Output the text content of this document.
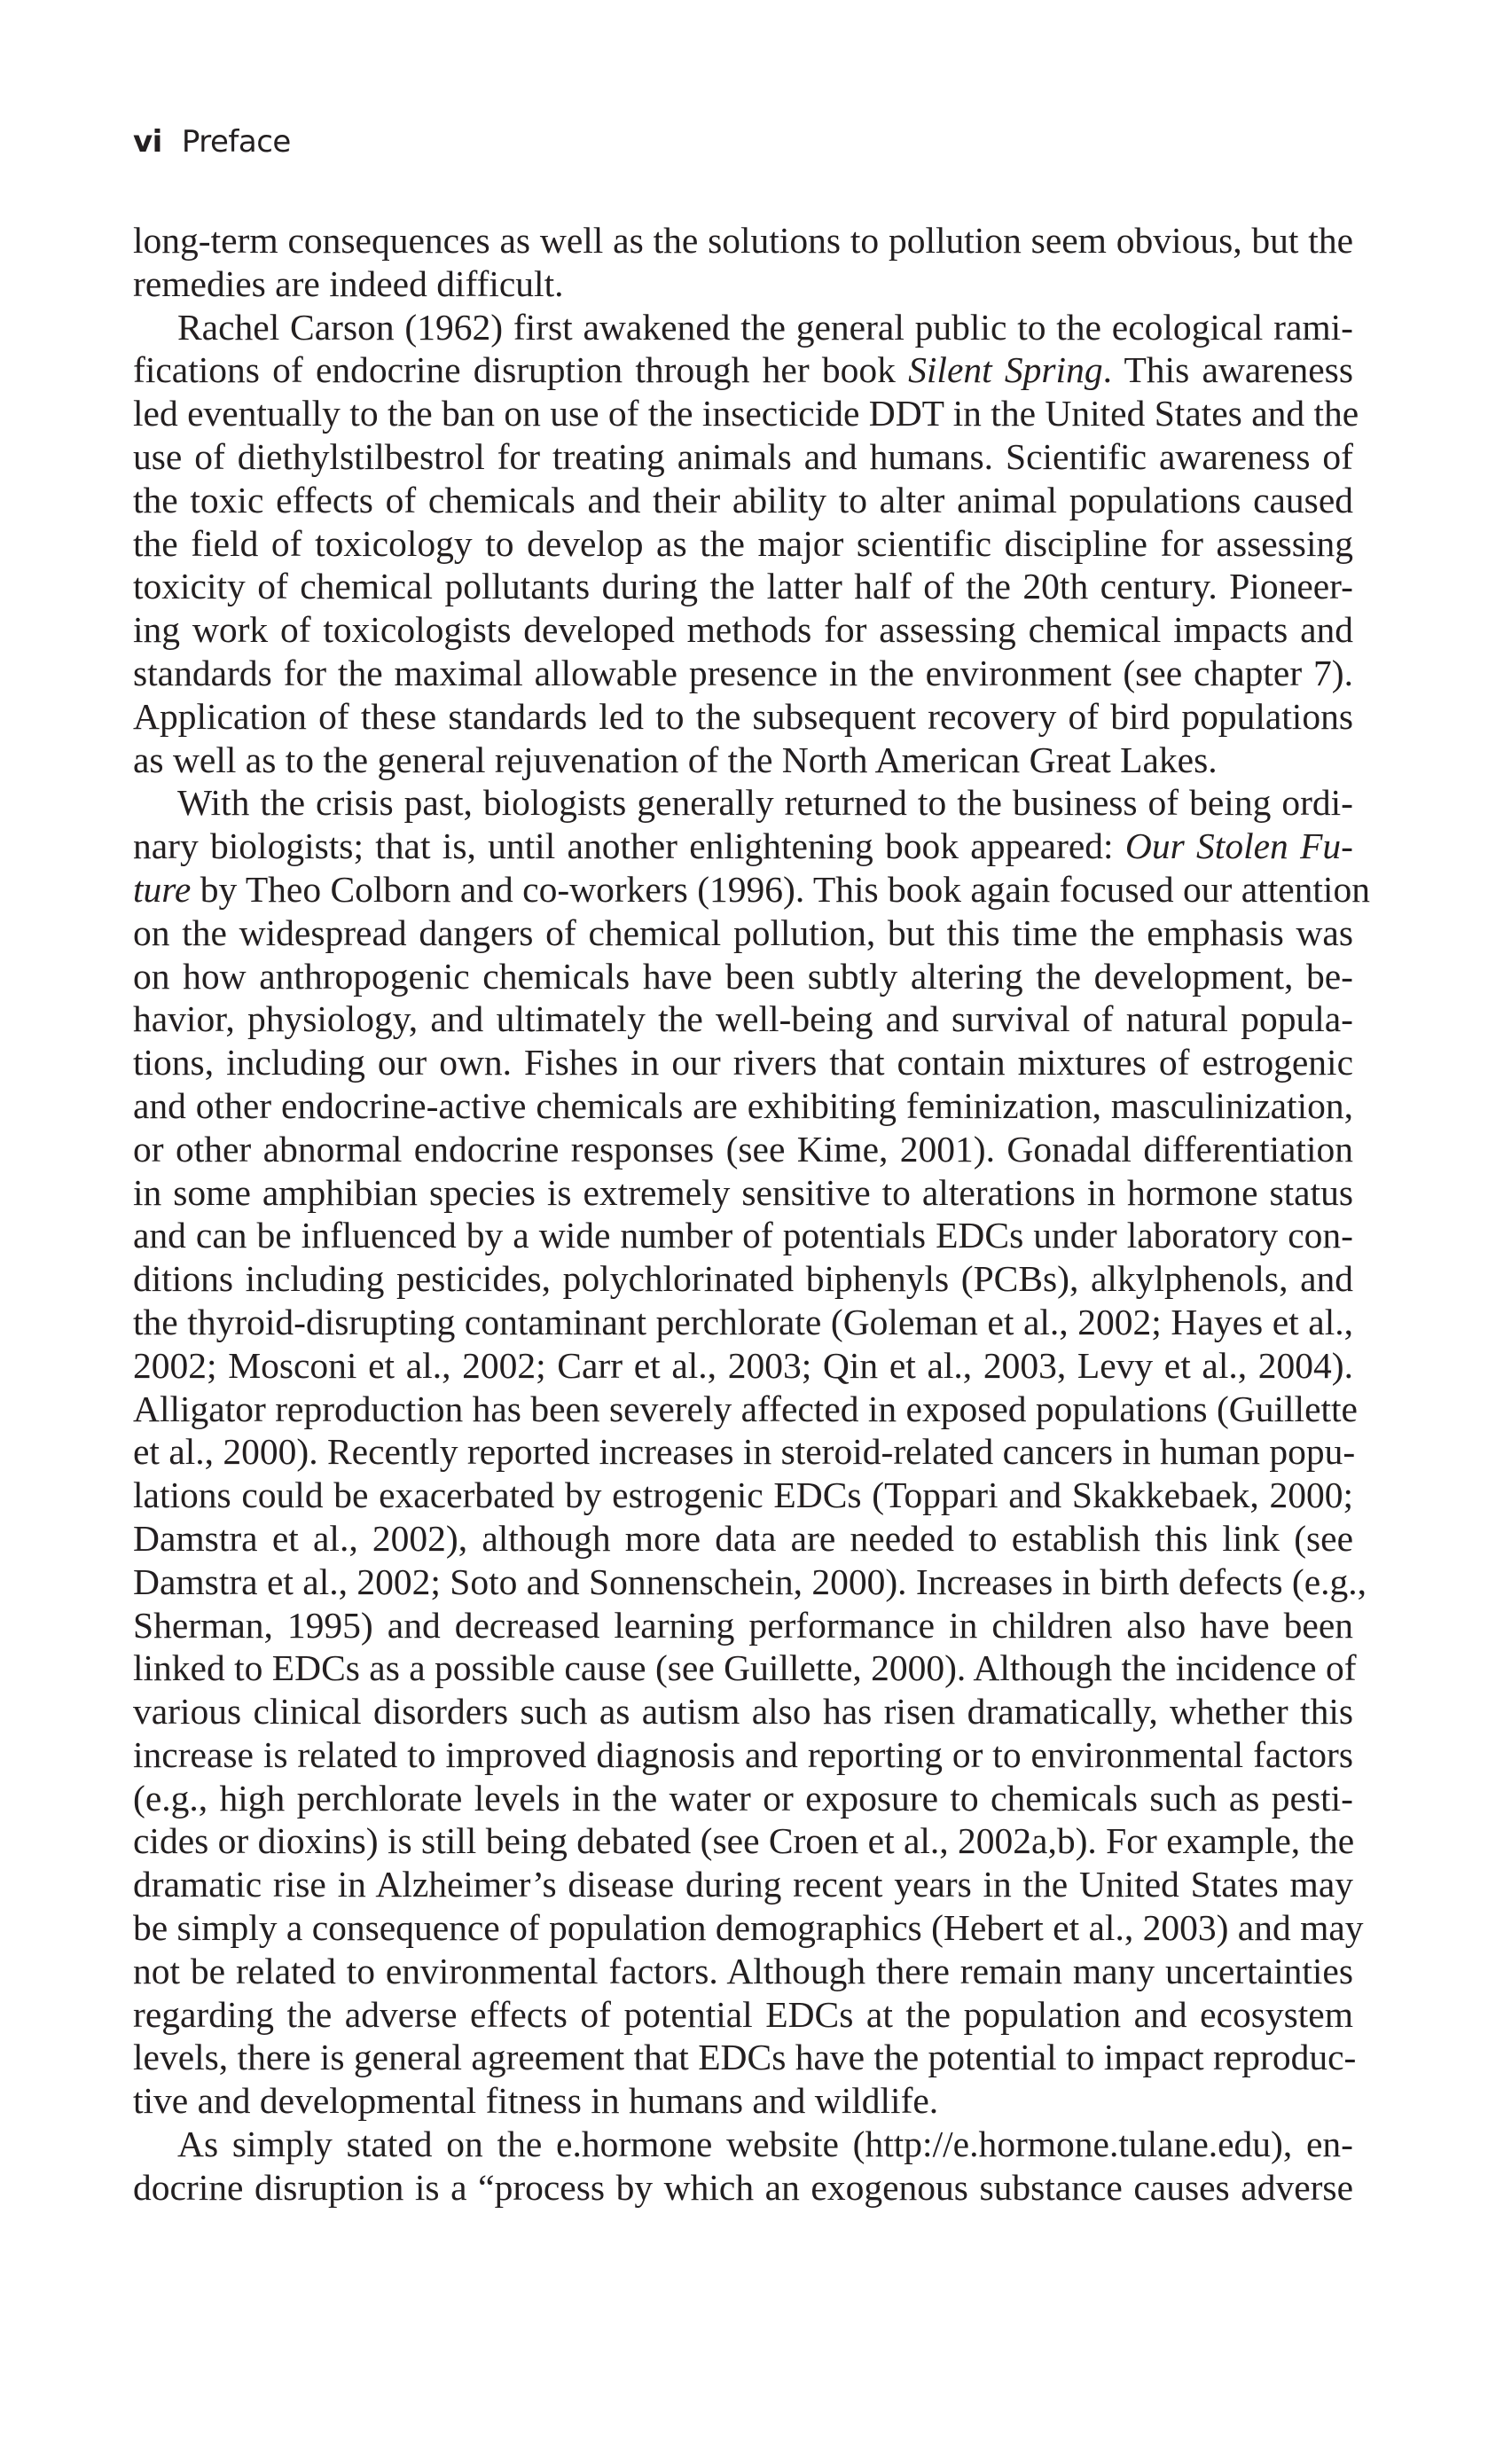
vi Preface
long-term consequences as well as the solutions to pollution seem obvious, but the
remedies are indeed difficult.
Rachel Carson (1962) first awakened the general public to the ecological rami-
fications of endocrine disruption through her book Silent Spring. This awareness
led eventually to the ban on use of the insecticide DDT in the United States and the
use of diethylstilbestrol for treating animals and humans. Scientific awareness of
the toxic effects of chemicals and their ability to alter animal populations caused
the field of toxicology to develop as the major scientific discipline for assessing
toxicity of chemical pollutants during the latter half of the 20th century. Pioneer-
ing work of toxicologists developed methods for assessing chemical impacts and
standards for the maximal allowable presence in the environment (see chapter 7).
Application of these standards led to the subsequent recovery of bird populations
as well as to the general rejuvenation of the North American Great Lakes.
With the crisis past, biologists generally returned to the business of being ordi-
nary biologists; that is, until another enlightening book appeared: Our Stolen Fu-
ture by Theo Colborn and co-workers (1996). This book again focused our attention
on the widespread dangers of chemical pollution, but this time the emphasis was
on how anthropogenic chemicals have been subtly altering the development, be-
havior, physiology, and ultimately the well-being and survival of natural popula-
tions, including our own. Fishes in our rivers that contain mixtures of estrogenic
and other endocrine-active chemicals are exhibiting feminization, masculinization,
or other abnormal endocrine responses (see Kime, 2001). Gonadal differentiation
in some amphibian species is extremely sensitive to alterations in hormone status
and can be influenced by a wide number of potentials EDCs under laboratory con-
ditions including pesticides, polychlorinated biphenyls (PCBs), alkylphenols, and
the thyroid-disrupting contaminant perchlorate (Goleman et al., 2002; Hayes et al.,
2002; Mosconi et al., 2002; Carr et al., 2003; Qin et al., 2003, Levy et al., 2004).
Alligator reproduction has been severely affected in exposed populations (Guillette
et al., 2000). Recently reported increases in steroid-related cancers in human popu-
lations could be exacerbated by estrogenic EDCs (Toppari and Skakkebaek, 2000;
Damstra et al., 2002), although more data are needed to establish this link (see
Damstra et al., 2002; Soto and Sonnenschein, 2000). Increases in birth defects (e.g.,
Sherman, 1995) and decreased learning performance in children also have been
linked to EDCs as a possible cause (see Guillette, 2000). Although the incidence of
various clinical disorders such as autism also has risen dramatically, whether this
increase is related to improved diagnosis and reporting or to environmental factors
(e.g., high perchlorate levels in the water or exposure to chemicals such as pesti-
cides or dioxins) is still being debated (see Croen et al., 2002a,b). For example, the
dramatic rise in Alzheimer’s disease during recent years in the United States may
be simply a consequence of population demographics (Hebert et al., 2003) and may
not be related to environmental factors. Although there remain many uncertainties
regarding the adverse effects of potential EDCs at the population and ecosystem
levels, there is general agreement that EDCs have the potential to impact reproduc-
tive and developmental fitness in humans and wildlife.
As simply stated on the e.hormone website (http://e.hormone.tulane.edu), en-
docrine disruption is a “process by which an exogenous substance causes adverse
